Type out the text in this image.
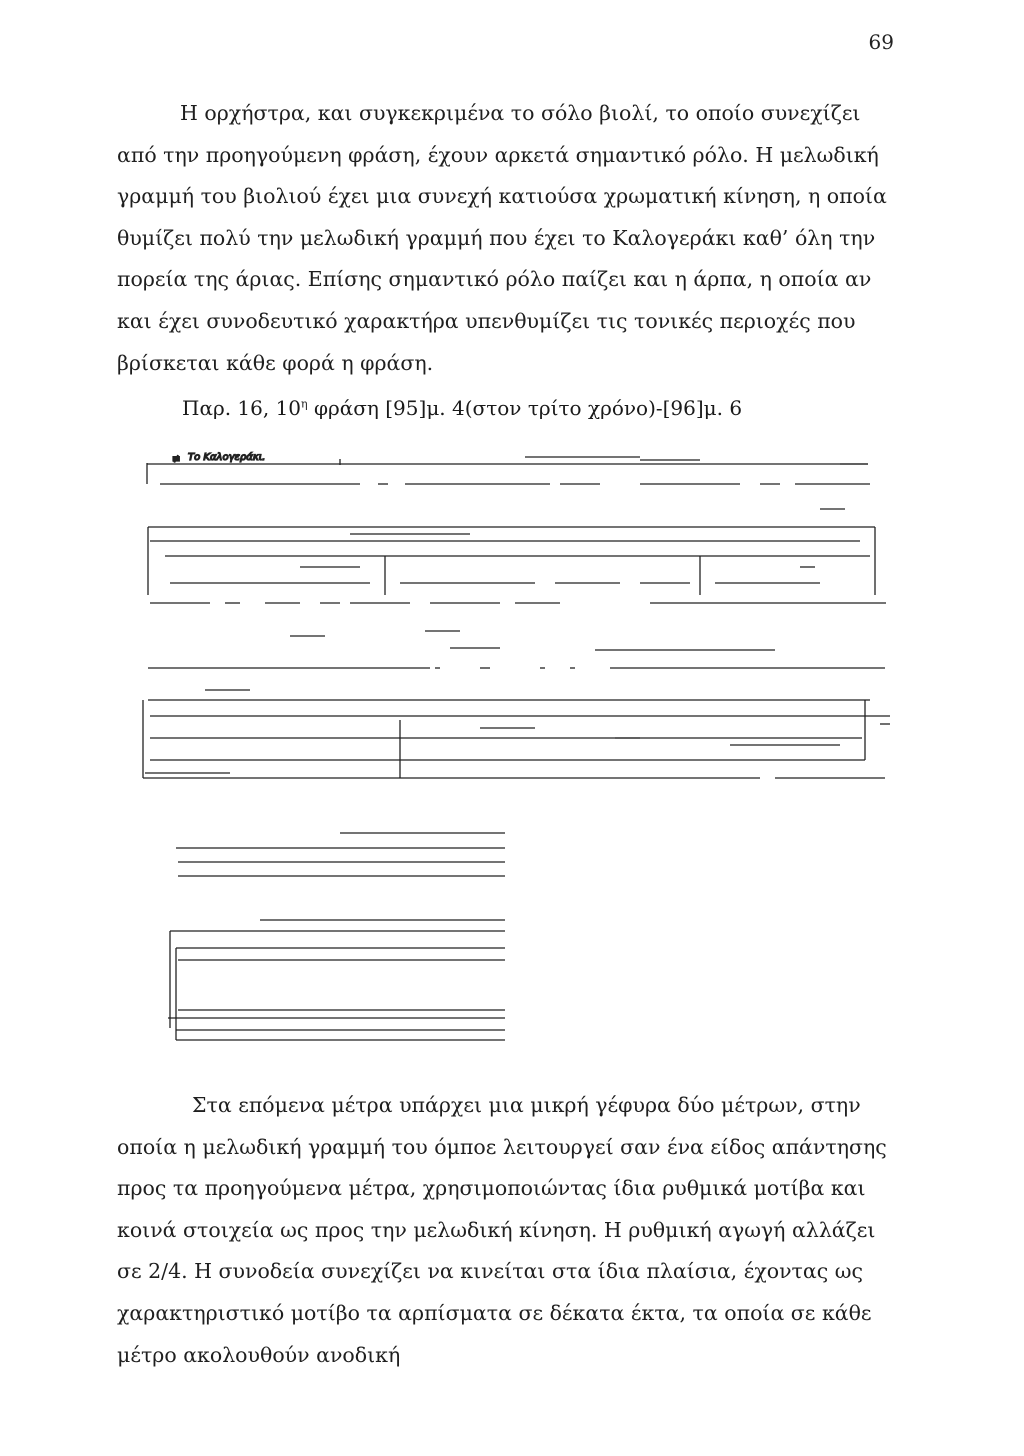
69

Η ορχήστρα, και συγκεκριμένα το σόλο βιολί, το οποίο συνεχίζει από την προηγούμενη φράση, έχουν αρκετά σημαντικό ρόλο. Η μελωδική γραμμή του βιολιού έχει μια συνεχή κατιούσα χρωματική κίνηση, η οποία θυμίζει πολύ την μελωδική γραμμή που έχει το Καλογεράκι καθ’ όλη την πορεία της άριας. Επίσης σημαντικό ρόλο παίζει και η άρπα, η οποία αν και έχει συνοδευτικό χαρακτήρα υπενθυμίζει τις τονικές περιοχές που βρίσκεται κάθε φορά η φράση.

Παρ. 16, $10^\eta$ φράση [95]μ. 4(στον τρίτο χρόνο)-[96]μ. 6
Το Καλογεράκι.
≢

Στα επόμενα μέτρα υπάρχει μια μικρή γέφυρα δύο μέτρων, στην οποία η μελωδική γραμμή του όμποε λειτουργεί σαν ένα είδος απάντησης προς τα προηγούμενα μέτρα, χρησιμοποιώντας ίδια ρυθμικά μοτίβα και κοινά στοιχεία ως προς την μελωδική κίνηση. Η ρυθμική αγωγή αλλάζει σε 2/4. Η συνοδεία συνεχίζει να κινείται στα ίδια πλαίσια, έχοντας ως χαρακτηριστικό μοτίβο τα αρπίσματα σε δέκατα έκτα, τα οποία σε κάθε μέτρο ακολουθούν ανοδική
